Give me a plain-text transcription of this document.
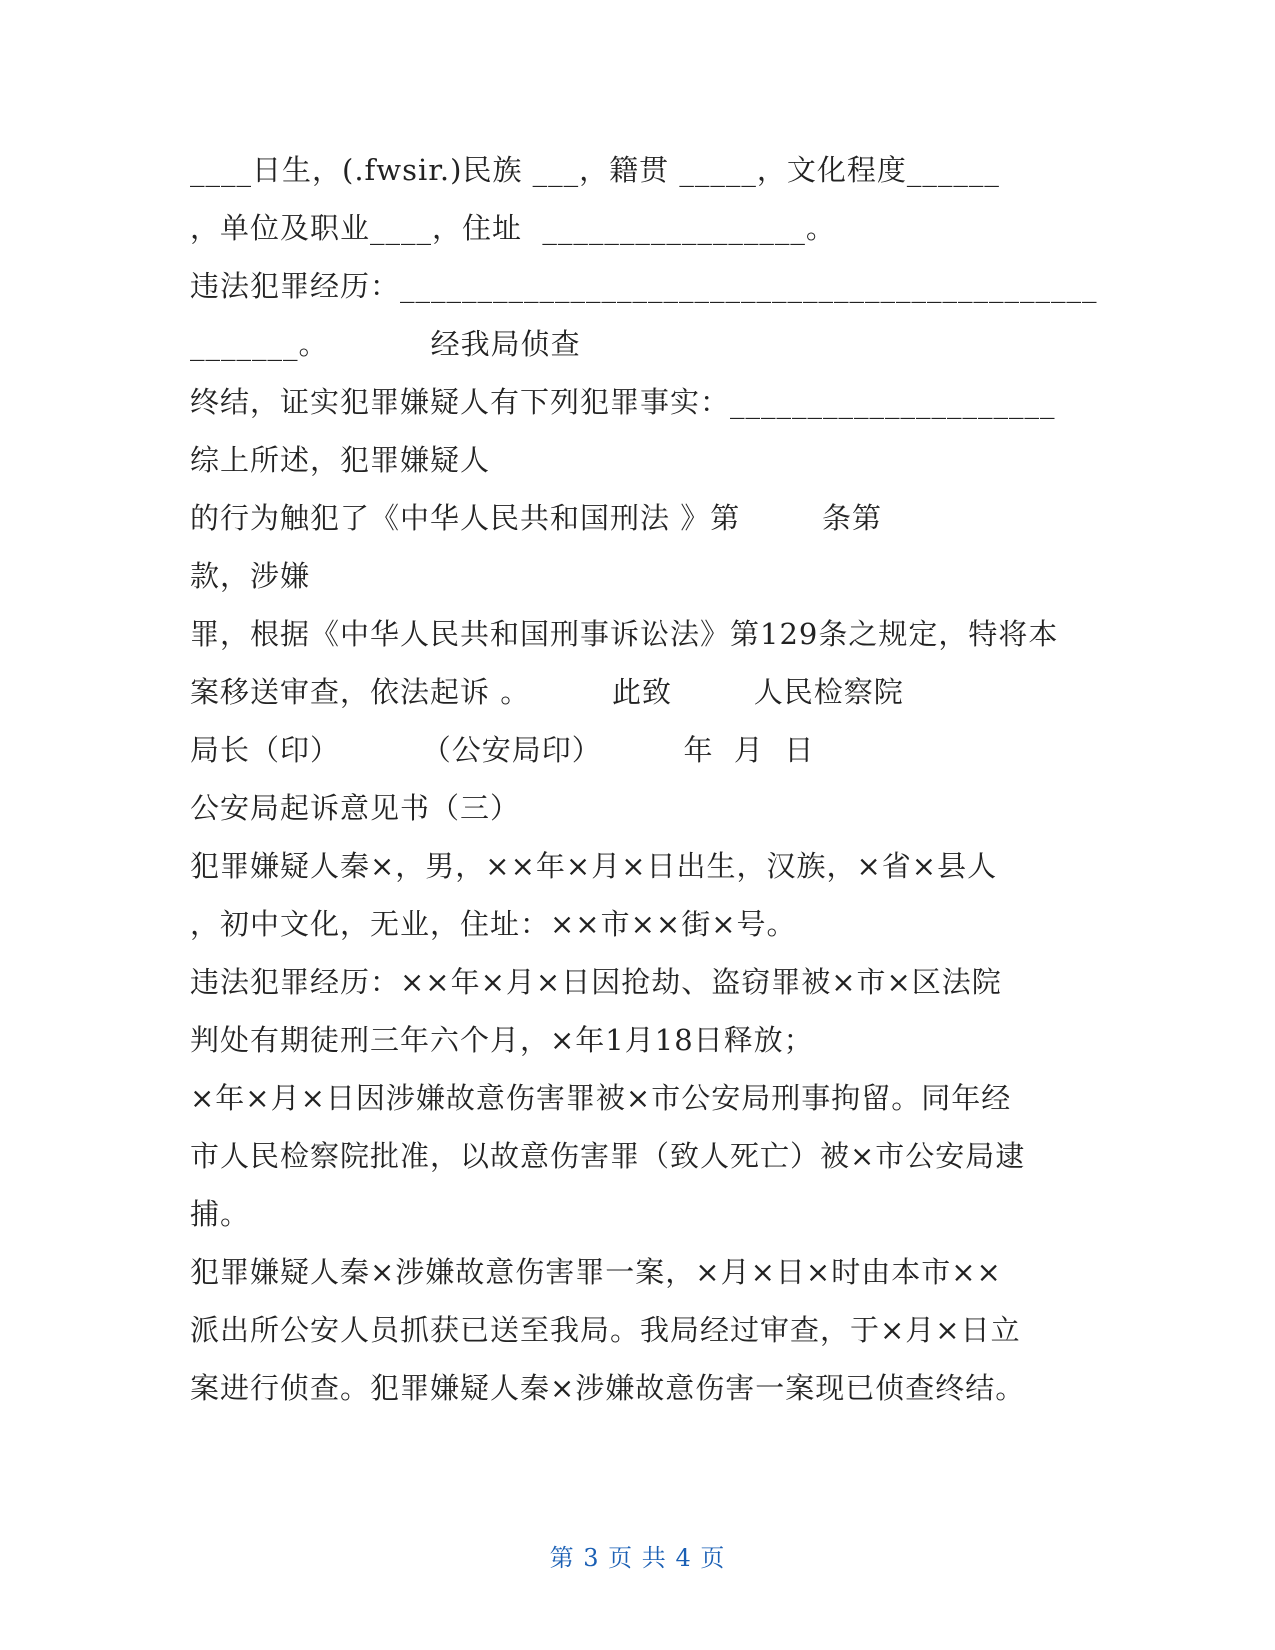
____日生，(.fwsir.)民族 ___，籍贯 _____，文化程度______
，单位及职业____，住址  _________________。
违法犯罪经历：_____________________________________________
_______。          经我局侦查
终结，证实犯罪嫌疑人有下列犯罪事实：_____________________
综上所述，犯罪嫌疑人
的行为触犯了《中华人民共和国刑法 》第        条第
款，涉嫌
罪，根据《中华人民共和国刑事诉讼法》第129条之规定，特将本
案移送审查，依法起诉 。        此致        人民检察院
局长（印）        （公安局印）        年  月  日
公安局起诉意见书（三）
犯罪嫌疑人秦×，男，××年×月×日出生，汉族，×省×县人
，初中文化，无业，住址：××市××街×号。
违法犯罪经历：××年×月×日因抢劫、盗窃罪被×市×区法院
判处有期徒刑三年六个月，×年1月18日释放；
×年×月×日因涉嫌故意伤害罪被×市公安局刑事拘留。同年经
市人民检察院批准，以故意伤害罪（致人死亡）被×市公安局逮
捕。
犯罪嫌疑人秦×涉嫌故意伤害罪一案，×月×日×时由本市××
派出所公安人员抓获已送至我局。我局经过审查，于×月×日立
案进行侦查。犯罪嫌疑人秦×涉嫌故意伤害一案现已侦查终结。
第 3 页 共 4 页
